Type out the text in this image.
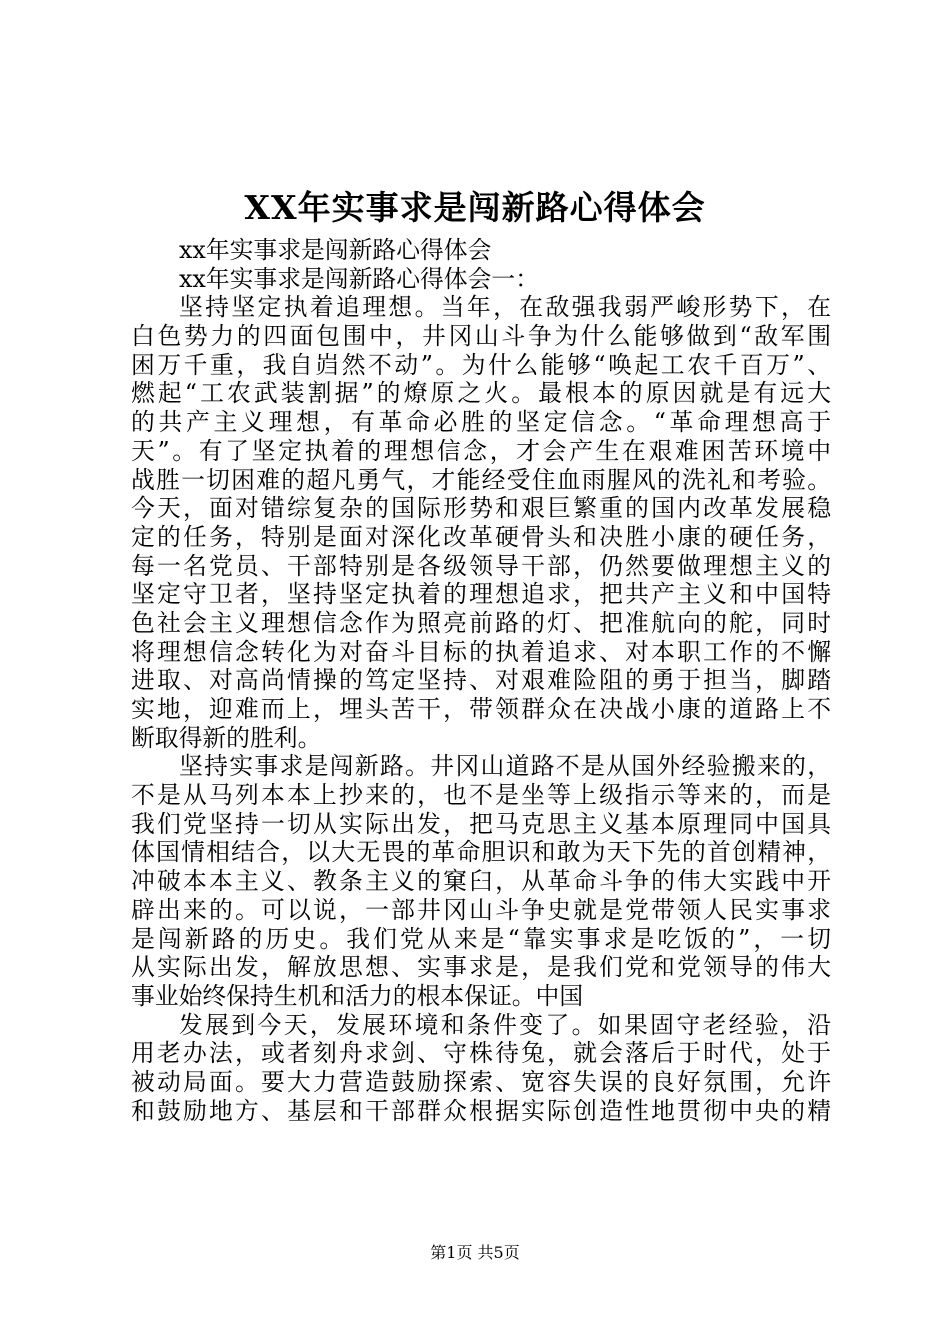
XX年实事求是闯新路心得体会
xx年实事求是闯新路心得体会
xx年实事求是闯新路心得体会一：
坚持坚定执着追理想。当年，在敌强我弱严峻形势下，在
白色势力的四面包围中，井冈山斗争为什么能够做到“敌军围
困万千重，我自岿然不动”。为什么能够“唤起工农千百万”、
燃起“工农武装割据”的燎原之火。最根本的原因就是有远大
的共产主义理想，有革命必胜的坚定信念。“革命理想高于
天”。有了坚定执着的理想信念，才会产生在艰难困苦环境中
战胜一切困难的超凡勇气，才能经受住血雨腥风的洗礼和考验。
今天，面对错综复杂的国际形势和艰巨繁重的国内改革发展稳
定的任务，特别是面对深化改革硬骨头和决胜小康的硬任务，
每一名党员、干部特别是各级领导干部，仍然要做理想主义的
坚定守卫者，坚持坚定执着的理想追求，把共产主义和中国特
色社会主义理想信念作为照亮前路的灯、把准航向的舵，同时
将理想信念转化为对奋斗目标的执着追求、对本职工作的不懈
进取、对高尚情操的笃定坚持、对艰难险阻的勇于担当，脚踏
实地，迎难而上，埋头苦干，带领群众在决战小康的道路上不
断取得新的胜利。
坚持实事求是闯新路。井冈山道路不是从国外经验搬来的，
不是从马列本本上抄来的，也不是坐等上级指示等来的，而是
我们党坚持一切从实际出发，把马克思主义基本原理同中国具
体国情相结合，以大无畏的革命胆识和敢为天下先的首创精神，
冲破本本主义、教条主义的窠臼，从革命斗争的伟大实践中开
辟出来的。可以说，一部井冈山斗争史就是党带领人民实事求
是闯新路的历史。我们党从来是“靠实事求是吃饭的”，一切
从实际出发，解放思想、实事求是，是我们党和党领导的伟大
事业始终保持生机和活力的根本保证。中国
发展到今天，发展环境和条件变了。如果固守老经验，沿
用老办法，或者刻舟求剑、守株待兔，就会落后于时代，处于
被动局面。要大力营造鼓励探索、宽容失误的良好氛围，允许
和鼓励地方、基层和干部群众根据实际创造性地贯彻中央的精
第1页 共5页
